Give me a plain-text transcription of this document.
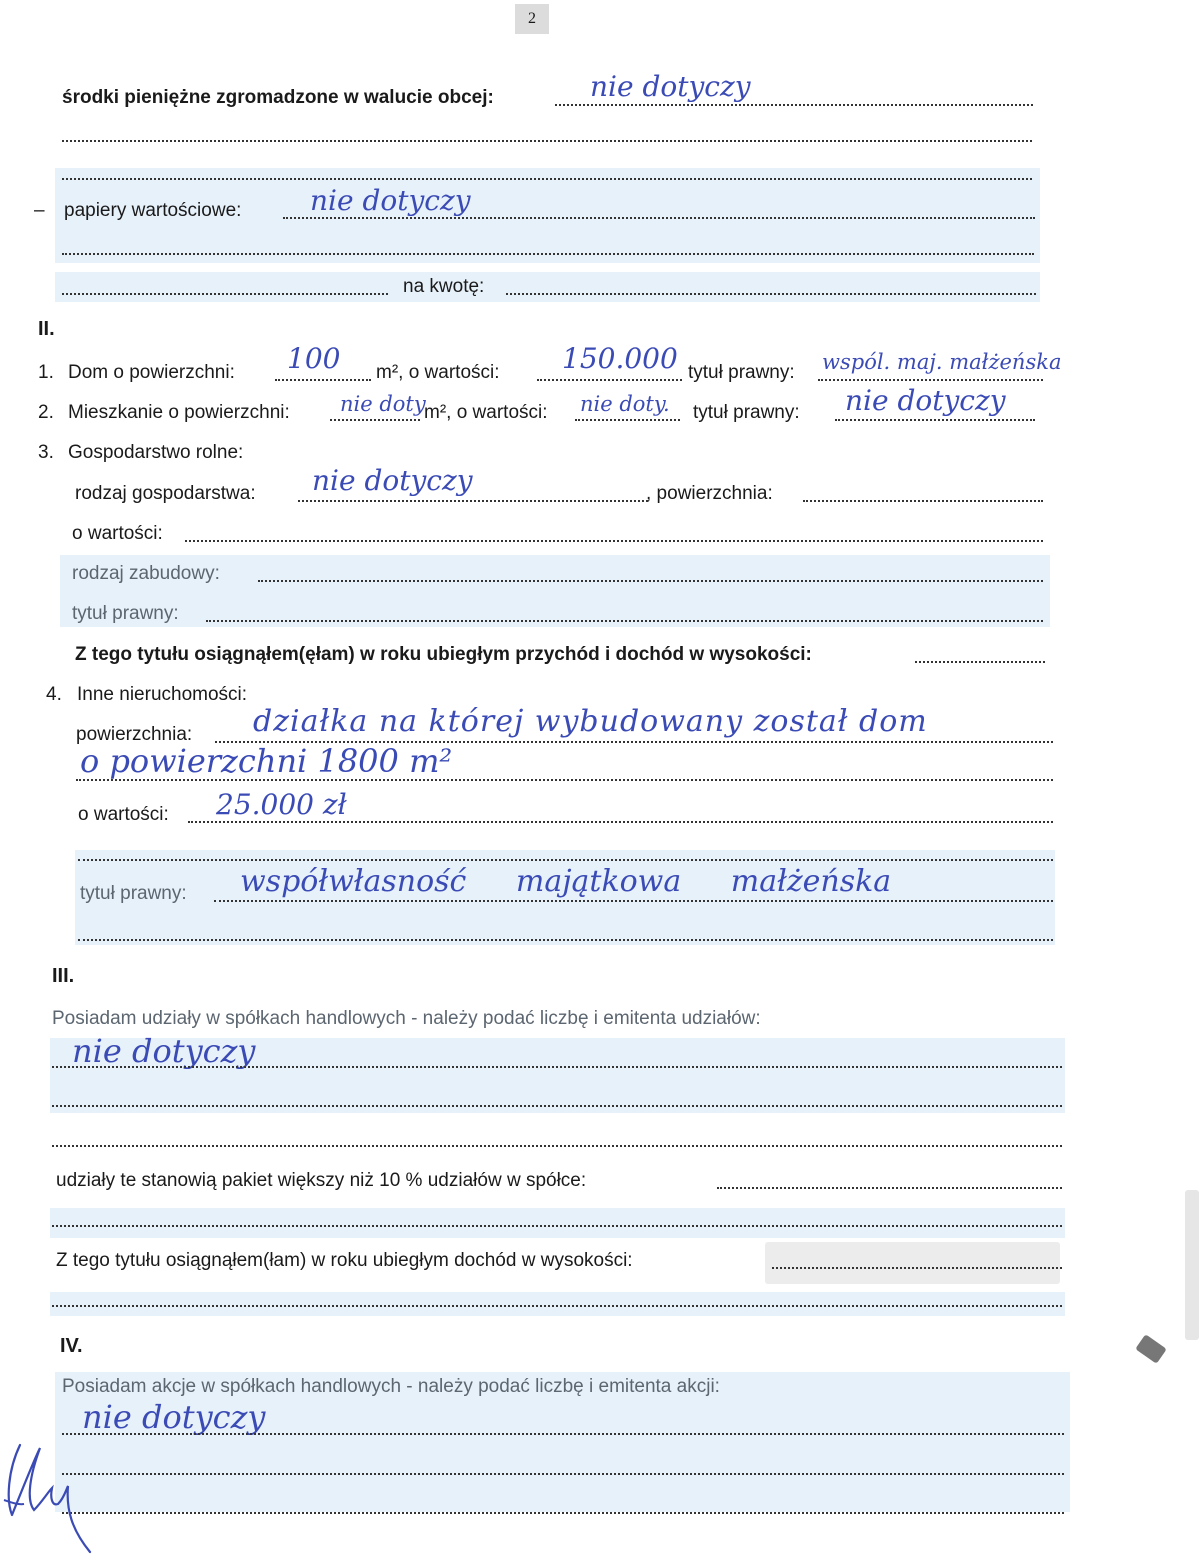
2
środki pieniężne zgromadzone w walucie obcej:	nie dotyczy
– papiery wartościowe: nie dotyczy
na kwotę:
II.
1. Dom o powierzchni: 100 m², o wartości: 150.000 tytuł prawny: wspól. maj. małżeńska
2. Mieszkanie o powierzchni: nie doty
m², o wartości: nie doty. tytuł prawny: nie dotyczy
3. Gospodarstwo rolne:
rodzaj gospodarstwa: nie dotyczy	, powierzchnia:
o wartości:
rodzaj zabudowy:
tytuł prawny:
Z tego tytułu osiągnąłem(ęłam) w roku ubiegłym przychód i dochód w wysokości:
4. Inne nieruchomości:
powierzchnia: działka na której wybudowany został dom
o powierzchni 1800 m²
o wartości: 25.000 zł
tytuł prawny: współwłasność majątkowa małżeńska
III.
Posiadam udziały w spółkach handlowych - należy podać liczbę i emitenta udziałów:
nie dotyczy
udziały te stanowią pakiet większy niż 10 % udziałów w spółce:
Z tego tytułu osiągnąłem(łam) w roku ubiegłym dochód w wysokości:
IV.
Posiadam akcje w spółkach handlowych - należy podać liczbę i emitenta akcji:
nie dotyczy
